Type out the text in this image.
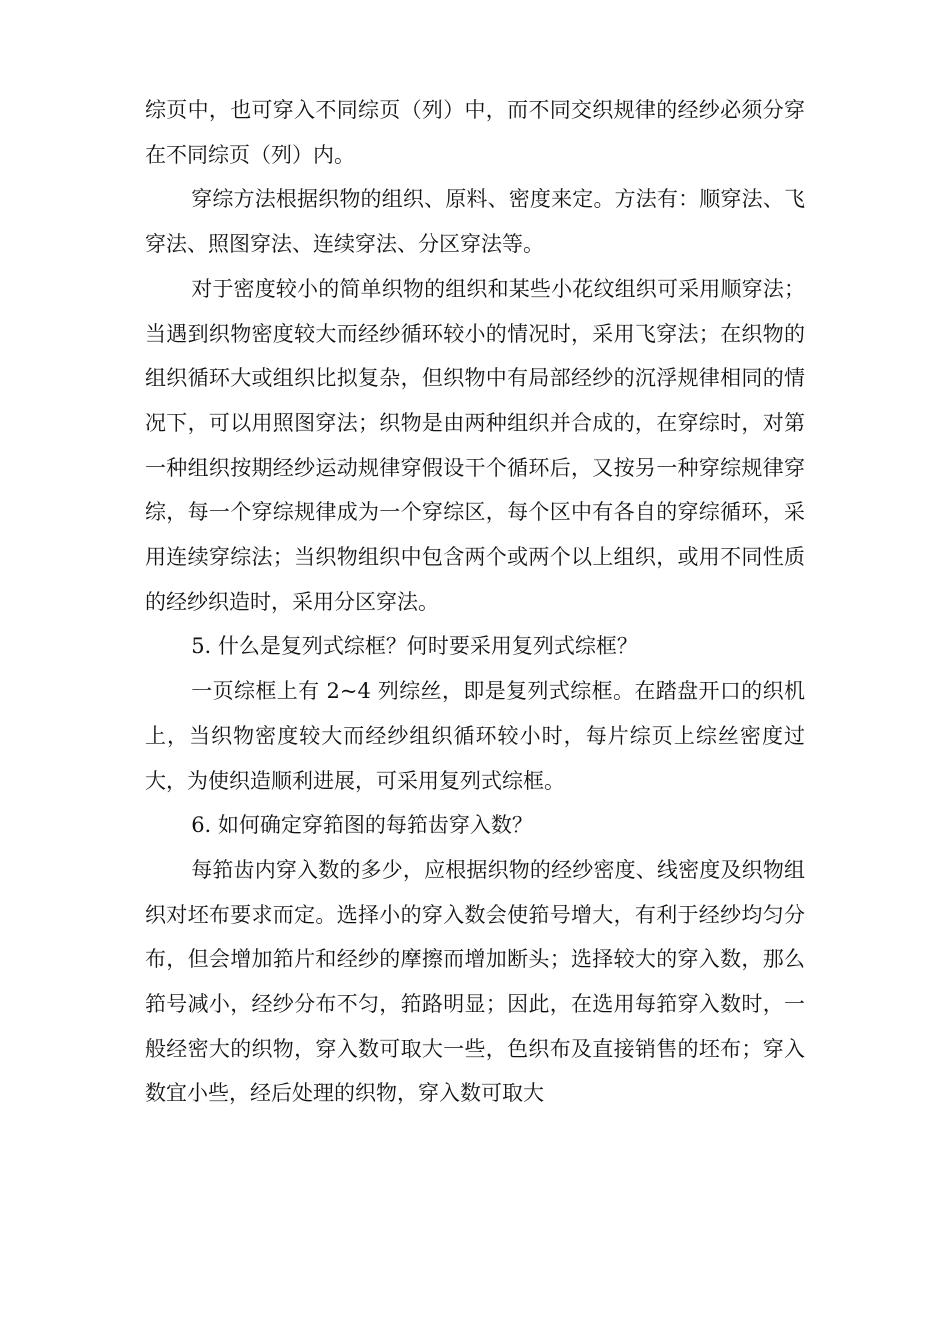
综页中，也可穿入不同综页（列）中，而不同交织规律的经纱必须分穿在不同综页（列）内。

穿综方法根据织物的组织、原料、密度来定。方法有：顺穿法、飞穿法、照图穿法、连续穿法、分区穿法等。

对于密度较小的简单织物的组织和某些小花纹组织可采用顺穿法；当遇到织物密度较大而经纱循环较小的情况时，采用飞穿法；在织物的组织循环大或组织比拟复杂，但织物中有局部经纱的沉浮规律相同的情况下，可以用照图穿法；织物是由两种组织并合成的，在穿综时，对第一种组织按期经纱运动规律穿假设干个循环后，又按另一种穿综规律穿综，每一个穿综规律成为一个穿综区，每个区中有各自的穿综循环，采用连续穿综法；当织物组织中包含两个或两个以上组织，或用不同性质的经纱织造时，采用分区穿法。

5. 什么是复列式综框？何时要采用复列式综框？

一页综框上有 2~4 列综丝，即是复列式综框。在踏盘开口的织机上，当织物密度较大而经纱组织循环较小时，每片综页上综丝密度过大，为使织造顺利进展，可采用复列式综框。

6. 如何确定穿筘图的每筘齿穿入数？

每筘齿内穿入数的多少，应根据织物的经纱密度、线密度及织物组织对坯布要求而定。选择小的穿入数会使筘号增大，有利于经纱均匀分布，但会增加筘片和经纱的摩擦而增加断头；选择较大的穿入数，那么筘号减小，经纱分布不匀，筘路明显；因此，在选用每筘穿入数时，一般经密大的织物，穿入数可取大一些，色织布及直接销售的坯布；穿入数宜小些，经后处理的织物，穿入数可取大
